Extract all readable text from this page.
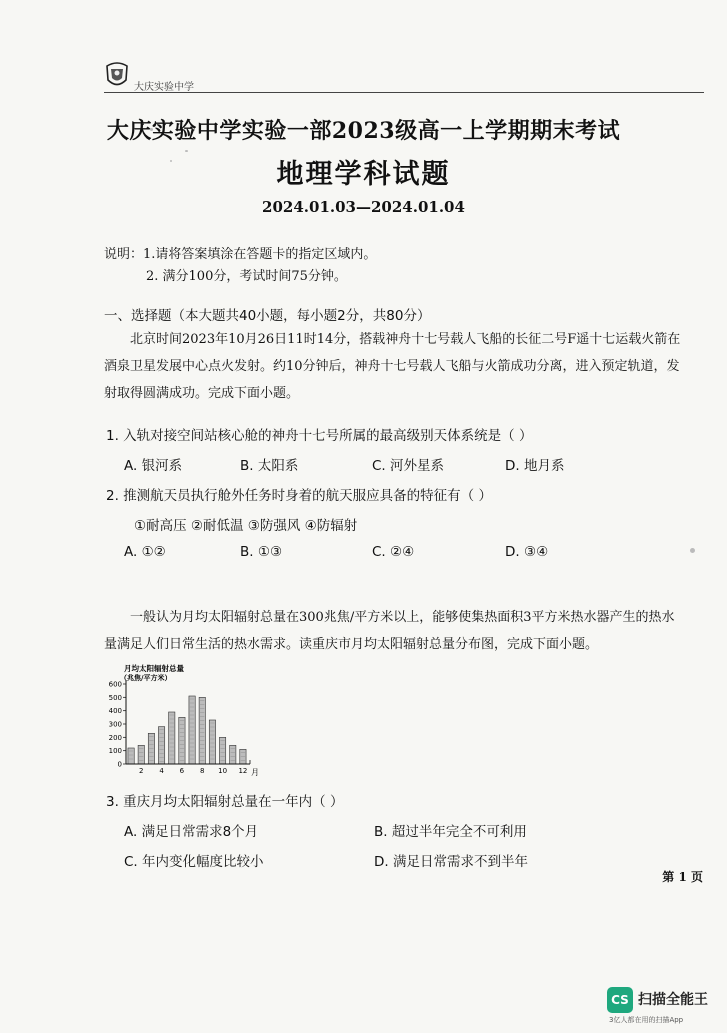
大庆实验中学
大庆实验中学实验一部2023级高一上学期期末考试
地理学科试题
2024.01.03—2024.01.04
说明：1.请将答案填涂在答题卡的指定区域内。
2. 满分100分，考试时间75分钟。
一、选择题（本大题共40小题，每小题2分，共80分）
北京时间2023年10月26日11时14分，搭载神舟十七号载人飞船的长征二号F遥十七运载火箭在酒泉卫星发展中心点火发射。约10分钟后，神舟十七号载人飞船与火箭成功分离，进入预定轨道，发射取得圆满成功。完成下面小题。
1. 入轨对接空间站核心舱的神舟十七号所属的最高级别天体系统是（ ）
A. 银河系	B. 太阳系	C. 河外星系	D. 地月系
2. 推测航天员执行舱外任务时身着的航天服应具备的特征有（ ）
①耐高压 ②耐低温 ③防强风 ④防辐射
A. ①②	B. ①③	C. ②④	D. ③④
一般认为月均太阳辐射总量在300兆焦/平方米以上，能够使集热面积3平方米热水器产生的热水量满足人们日常生活的热水需求。读重庆市月均太阳辐射总量分布图，完成下面小题。
月均太阳辐射总量
（兆焦/平方米）
月
0
100
200
300
400
500
600
2 4 6 8 10 12
3. 重庆月均太阳辐射总量在一年内（ ）
A. 满足日常需求8个月	B. 超过半年完全不可利用
C. 年内变化幅度比较小	D. 满足日常需求不到半年
第 1 页
CS 扫描全能王
3亿人都在用的扫描App
